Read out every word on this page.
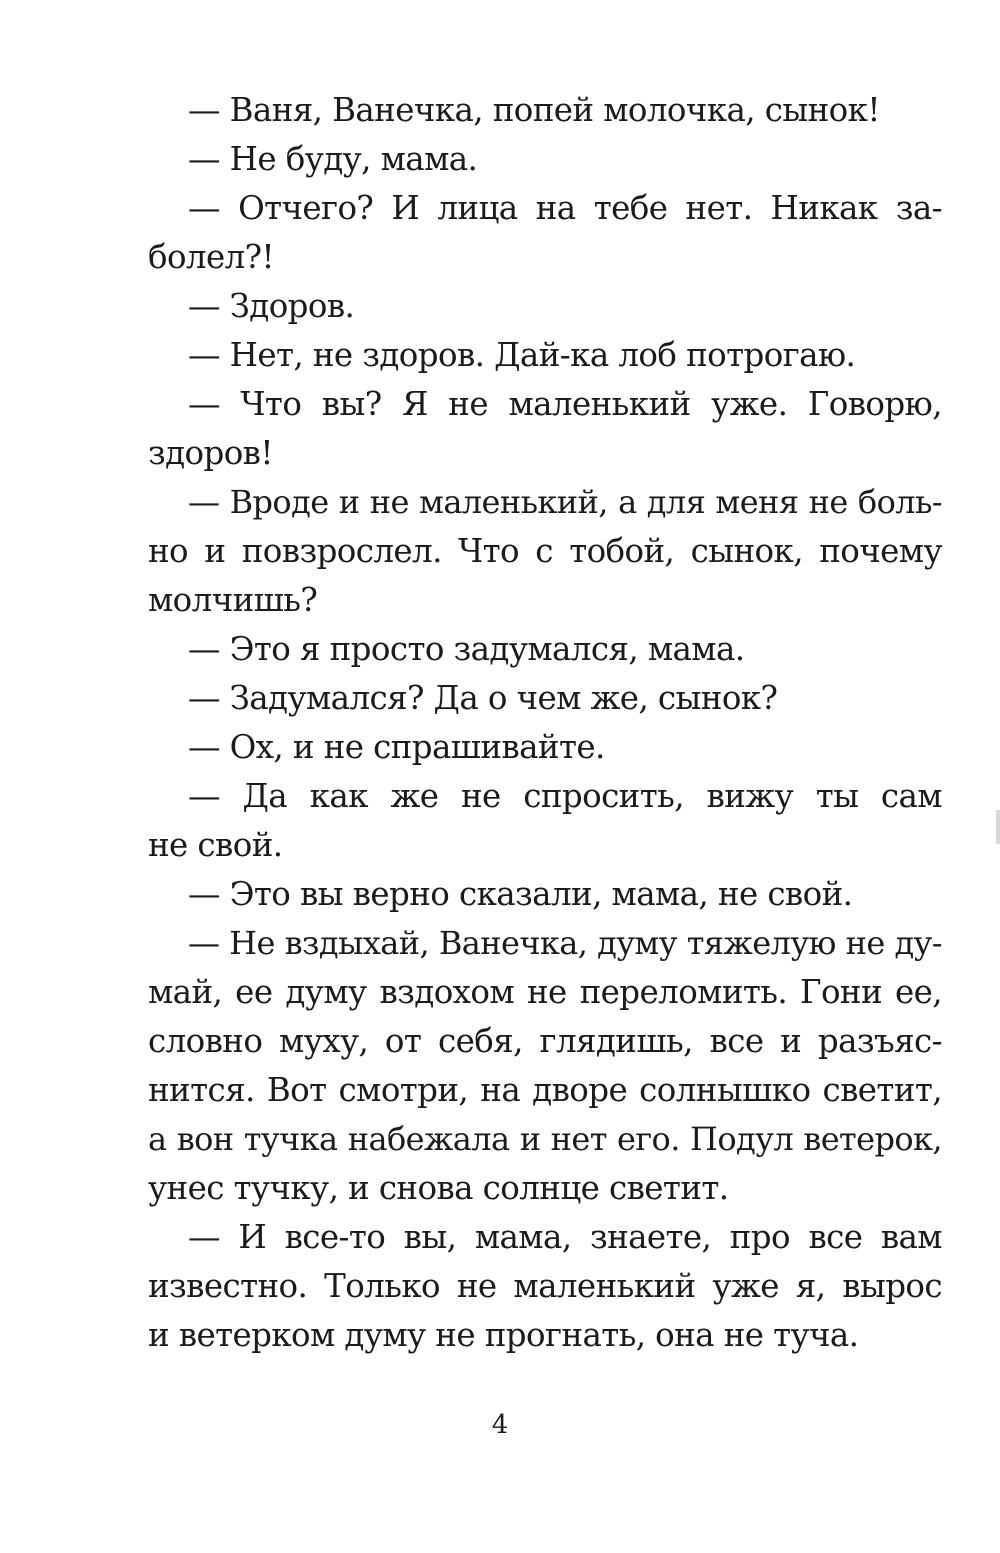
— Ваня, Ванечка, попей молочка, сынок!
— Не буду, мама.
— Отчего? И лица на тебе нет. Никак за-
болел?!
— Здоров.
— Нет, не здоров. Дай-ка лоб потрогаю.
— Что вы? Я не маленький уже. Говорю,
здоров!
— Вроде и не маленький, а для меня не боль-
но и повзрослел. Что с тобой, сынок, почему
молчишь?
— Это я просто задумался, мама.
— Задумался? Да о чем же, сынок?
— Ох, и не спрашивайте.
— Да как же не спросить, вижу ты сам
не свой.
— Это вы верно сказали, мама, не свой.
— Не вздыхай, Ванечка, думу тяжелую не ду-
май, ее думу вздохом не переломить. Гони ее,
словно муху, от себя, глядишь, все и разъяс-
нится. Вот смотри, на дворе солнышко светит,
а вон тучка набежала и нет его. Подул ветерок,
унес тучку, и снова солнце светит.
— И все-то вы, мама, знаете, про все вам
известно. Только не маленький уже я, вырос
и ветерком думу не прогнать, она не туча.
4
